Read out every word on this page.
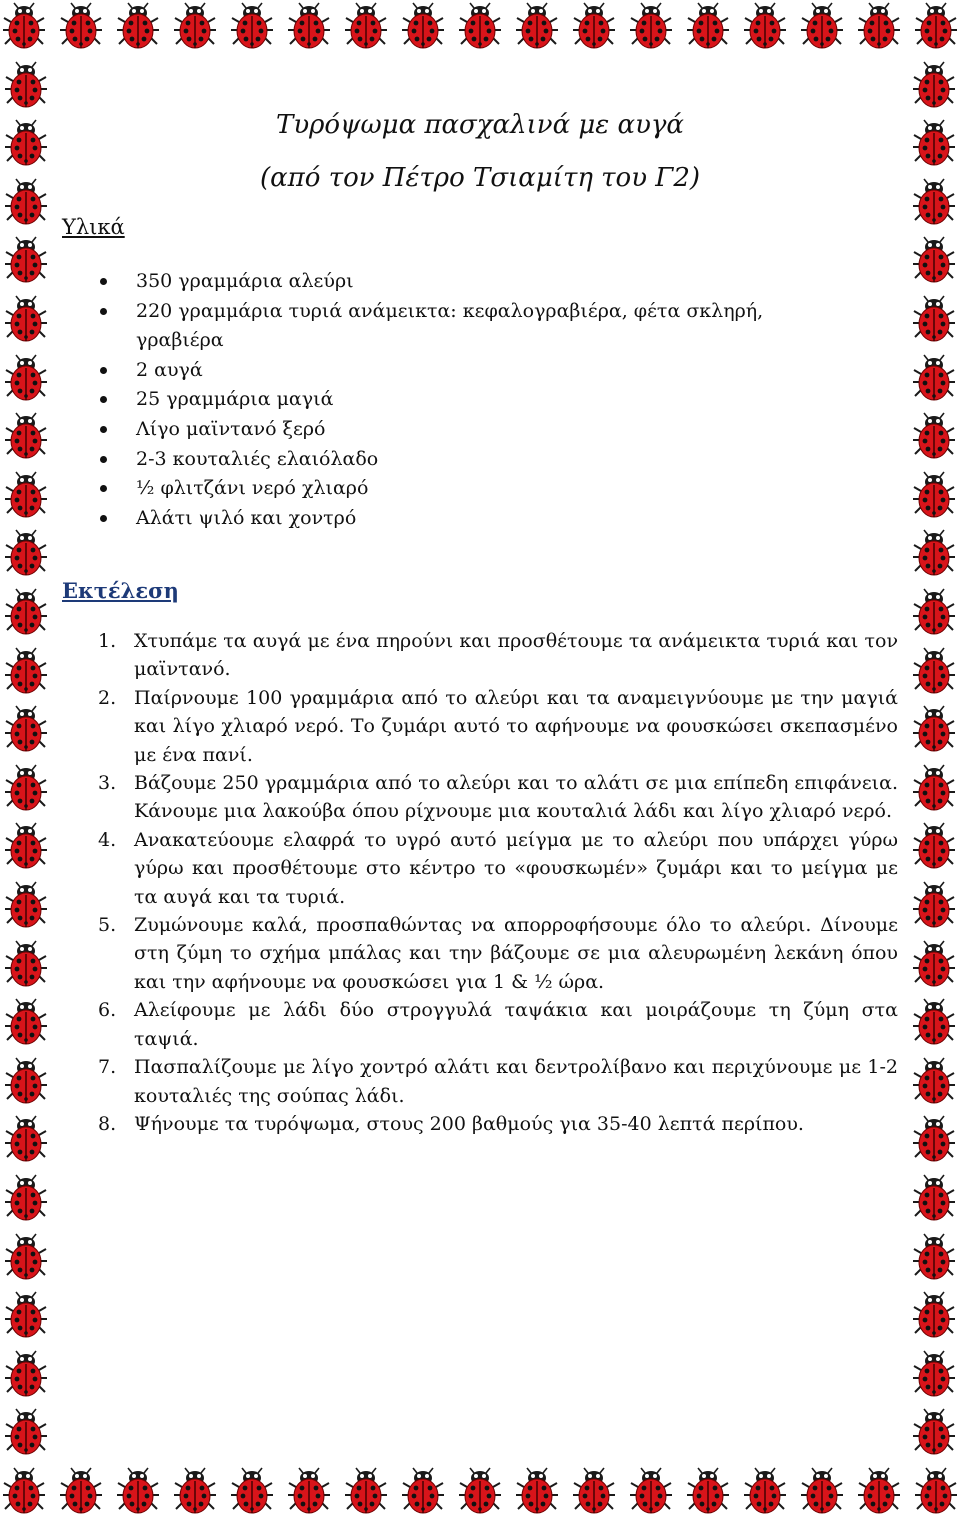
Τυρόψωμα πασχαλινά με αυγά
(από τον Πέτρο Τσιαμίτη του Γ2)
Υλικά
350 γραμμάρια αλεύρι
220 γραμμάρια τυριά ανάμεικτα: κεφαλογραβιέρα, φέτα σκληρή, γραβιέρα
2 αυγά
25 γραμμάρια μαγιά
Λίγο μαϊντανό ξερό
2-3 κουταλιές ελαιόλαδο
½ φλιτζάνι νερό χλιαρό
Αλάτι ψιλό και χοντρό
Εκτέλεση
1. Χτυπάμε τα αυγά με ένα πηρούνι και προσθέτουμε τα ανάμεικτα τυριά και τον μαϊντανό.
2. Παίρνουμε 100 γραμμάρια από το αλεύρι και τα αναμειγνύουμε με την μαγιά και λίγο χλιαρό νερό. Το ζυμάρι αυτό το αφήνουμε να φουσκώσει σκεπασμένο με ένα πανί.
3. Βάζουμε 250 γραμμάρια από το αλεύρι και το αλάτι σε μια επίπεδη επιφάνεια. Κάνουμε μια λακούβα όπου ρίχνουμε μια κουταλιά λάδι και λίγο χλιαρό νερό.
4. Ανακατεύουμε ελαφρά το υγρό αυτό μείγμα με το αλεύρι που υπάρχει γύρω γύρω και προσθέτουμε στο κέντρο το «φουσκωμέν» ζυμάρι και το μείγμα με τα αυγά και τα τυριά.
5. Ζυμώνουμε καλά, προσπαθώντας να απορροφήσουμε όλο το αλεύρι. Δίνουμε στη ζύμη το σχήμα μπάλας και την βάζουμε σε μια αλευρωμένη λεκάνη όπου και την αφήνουμε να φουσκώσει για 1 & ½ ώρα.
6. Αλείφουμε με λάδι δύο στρογγυλά ταψάκια και μοιράζουμε τη ζύμη στα ταψιά.
7. Πασπαλίζουμε με λίγο χοντρό αλάτι και δεντρολίβανο και περιχύνουμε με 1-2 κουταλιές της σούπας λάδι.
8. Ψήνουμε τα τυρόψωμα, στους 200 βαθμούς για 35-40 λεπτά περίπου.
